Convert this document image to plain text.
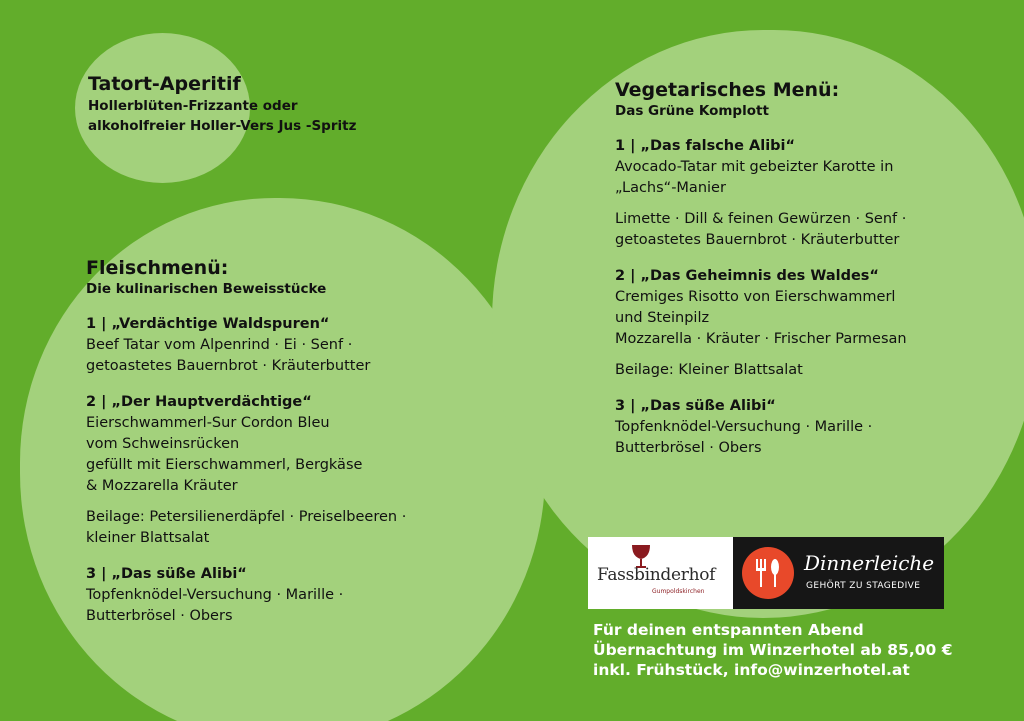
Tatort-Aperitif

Hollerblüten-Frizzante oder

alkoholfreier Holler-Vers Jus -Spritz

Fleischmenü:

Die kulinarischen Beweisstücke

1 | „Verdächtige Waldspuren“
Beef Tatar vom Alpenrind · Ei · Senf ·
getoastetes Bauernbrot · Kräuterbutter
2 | „Der Hauptverdächtige“
Eierschwammerl-Sur Cordon Bleu
vom Schweinsrücken
gefüllt mit Eierschwammerl, Bergkäse
& Mozzarella Kräuter
Beilage: Petersilienerdäpfel · Preiselbeeren ·
kleiner Blattsalat
3 | „Das süße Alibi“
Topfenknödel-Versuchung · Marille ·
Butterbrösel · Obers

Vegetarisches Menü:

Das Grüne Komplott

1 | „Das falsche Alibi“
Avocado-Tatar mit gebeizter Karotte in
„Lachs“-Manier
Limette · Dill & feinen Gewürzen · Senf ·
getoastetes Bauernbrot · Kräuterbutter
2 | „Das Geheimnis des Waldes“
Cremiges Risotto von Eierschwammerl
und Steinpilz
Mozzarella · Kräuter · Frischer Parmesan
Beilage: Kleiner Blattsalat
3 | „Das süße Alibi“
Topfenknödel-Versuchung · Marille ·
Butterbrösel · Obers
Fassbinderhof
Gumpoldskirchen
Dinnerleiche
GEHÖRT ZU STAGEDIVE
Für deinen entspannten Abend
Übernachtung im Winzerhotel ab 85,00 €
inkl. Frühstück, info@winzerhotel.at
